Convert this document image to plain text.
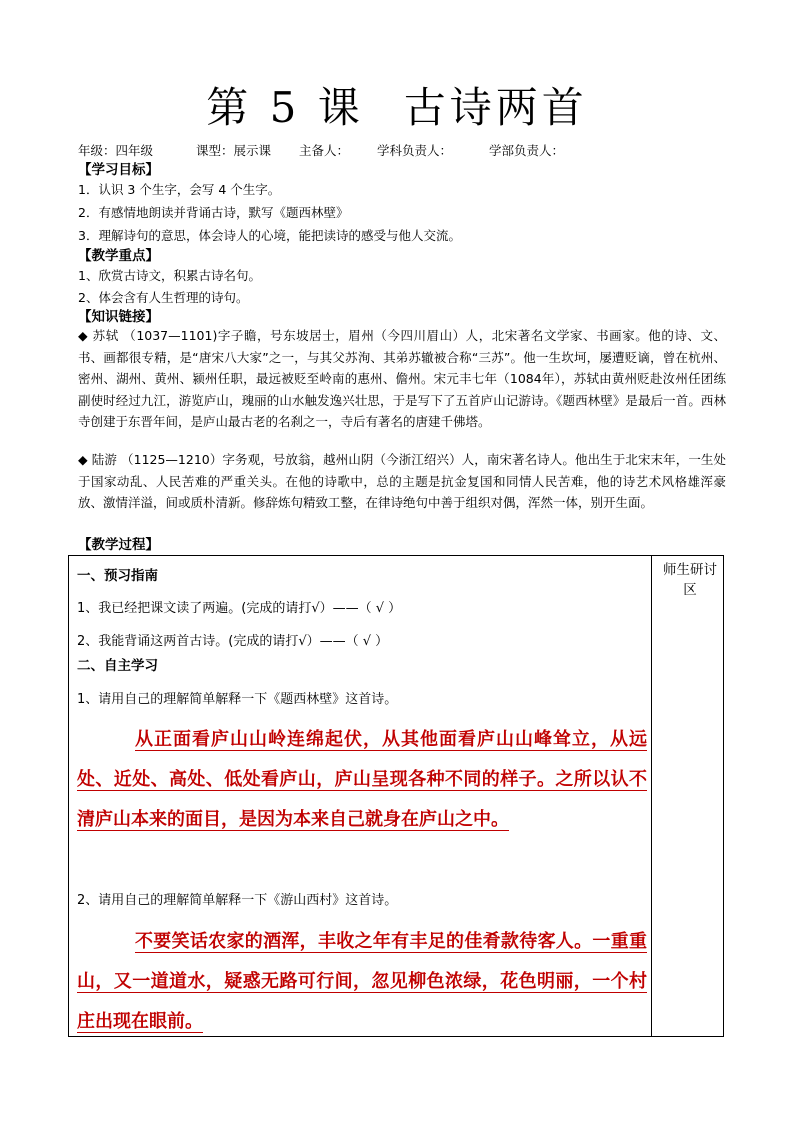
第 5 课 古诗两首
年级：四年级	课型：展示课 主备人： 学科负责人：	学部负责人：
【学习目标】
1．认识 3 个生字，会写 4 个生字。
2．有感情地朗读并背诵古诗，默写《题西林壁》
3．理解诗句的意思，体会诗人的心境，能把读诗的感受与他人交流。
【教学重点】
1、欣赏古诗文，积累古诗名句。
2、体会含有人生哲理的诗句。
【知识链接】
◆ 苏轼 （1037—1101)字子瞻，号东坡居士，眉州（今四川眉山）人，北宋著名文学家、书画家。他的诗、文、书、画都很专精，是“唐宋八大家”之一，与其父苏洵、其弟苏辙被合称“三苏”。他一生坎坷，屡遭贬谪，曾在杭州、密州、湖州、黄州、颍州任职，最远被贬至岭南的惠州、儋州。宋元丰七年（1084年），苏轼由黄州贬赴汝州任团练副使时经过九江，游览庐山，瑰丽的山水触发逸兴壮思，于是写下了五首庐山记游诗。《题西林壁》是最后一首。西林寺创建于东晋年间，是庐山最古老的名刹之一，寺后有著名的唐建千佛塔。
◆ 陆游 （1125—1210）字务观，号放翁，越州山阴（今浙江绍兴）人，南宋著名诗人。他出生于北宋末年，一生处于国家动乱、人民苦难的严重关头。在他的诗歌中，总的主题是抗金复国和同情人民苦难，他的诗艺术风格雄浑豪放、激情洋溢，间或质朴清新。修辞炼句精致工整，在律诗绝句中善于组织对偶，浑然一体，别开生面。
【教学过程】
师生研讨区
一、预习指南
1、我已经把课文读了两遍。(完成的请打√）——（ √ ）
2、我能背诵这两首古诗。(完成的请打√）——（ √ ）
二、自主学习
1、请用自己的理解简单解释一下《题西林壁》这首诗。
从正面看庐山山岭连绵起伏，从其他面看庐山山峰耸立，从远处、近处、高处、低处看庐山，庐山呈现各种不同的样子。之所以认不清庐山本来的面目，是因为本来自己就身在庐山之中。
2、请用自己的理解简单解释一下《游山西村》这首诗。
不要笑话农家的酒浑，丰收之年有丰足的佳肴款待客人。一重重山，又一道道水，疑惑无路可行间，忽见柳色浓绿，花色明丽，一个村庄出现在眼前。
